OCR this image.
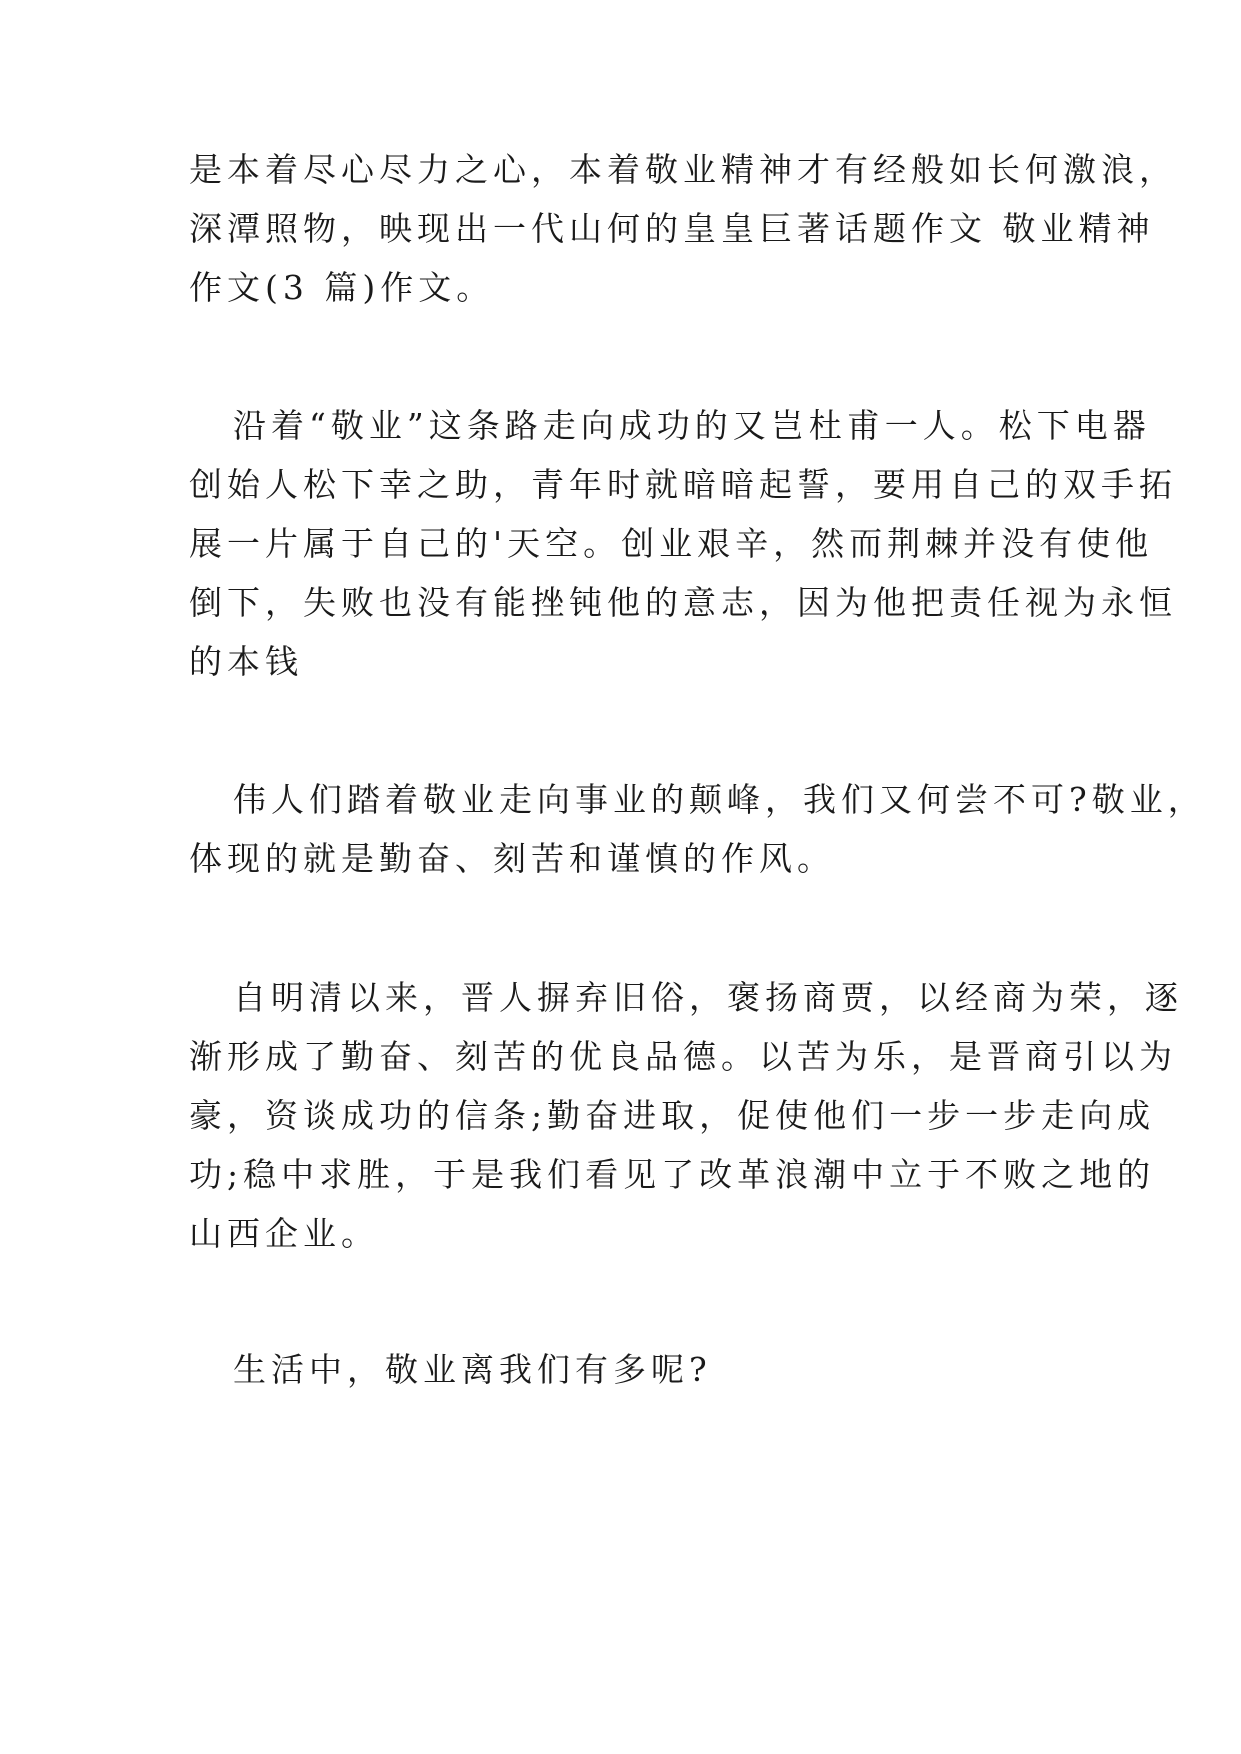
是本着尽心尽力之心，本着敬业精神才有经般如长何激浪，
深潭照物，映现出一代山何的皇皇巨著话题作文 敬业精神
作文(3 篇)作文。
沿着“敬业”这条路走向成功的又岂杜甫一人。松下电器
创始人松下幸之助，青年时就暗暗起誓，要用自己的双手拓
展一片属于自己的'天空。创业艰辛，然而荆棘并没有使他
倒下，失败也没有能挫钝他的意志，因为他把责任视为永恒
的本钱
伟人们踏着敬业走向事业的颠峰，我们又何尝不可?敬业，
体现的就是勤奋、刻苦和谨慎的作风。
自明清以来，晋人摒弃旧俗，褒扬商贾，以经商为荣，逐
渐形成了勤奋、刻苦的优良品德。以苦为乐，是晋商引以为
豪，资谈成功的信条;勤奋进取，促使他们一步一步走向成
功;稳中求胜，于是我们看见了改革浪潮中立于不败之地的
山西企业。
生活中，敬业离我们有多呢?
